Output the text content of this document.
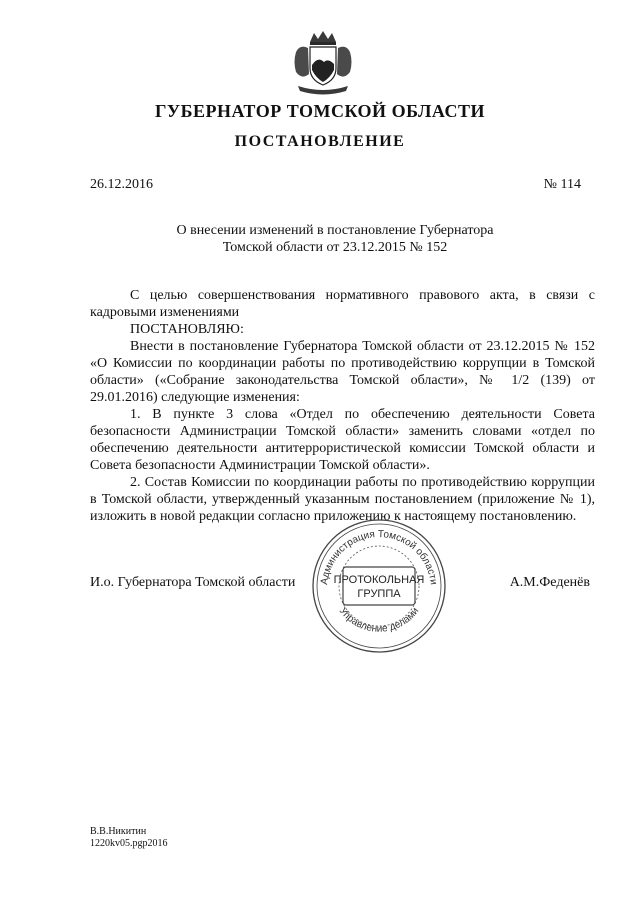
ГУБЕРНАТОР ТОМСКОЙ ОБЛАСТИ
ПОСТАНОВЛЕНИЕ
26.12.2016	№ 114
О внесении изменений в постановление Губернатора
Томской области от 23.12.2015 № 152

С целью совершенствования нормативного правового акта, в связи с кадровыми изменениями

ПОСТАНОВЛЯЮ:

Внести в постановление Губернатора Томской области от 23.12.2015 № 152 «О Комиссии по координации работы по противодействию коррупции в Томской области» («Собрание законодательства Томской области», № 1/2 (139) от 29.01.2016) следующие изменения:

1. В пункте 3 слова «Отдел по обеспечению деятельности Совета безопасности Администрации Томской области» заменить словами «отдел по обеспечению деятельности антитеррористической комиссии Томской области и Совета безопасности Администрации Томской области».

2. Состав Комиссии по координации работы по противодействию коррупции в Томской области, утвержденный указанным постановлением (приложение № 1), изложить в новой редакции согласно приложению к настоящему постановлению.

И.о. Губернатора Томской области	А.М.Феденёв
Администрация Томской области
Управление делами
ПРОТОКОЛЬНАЯ
ГРУППА
В.В.Никитин
1220kv05.pgp2016
